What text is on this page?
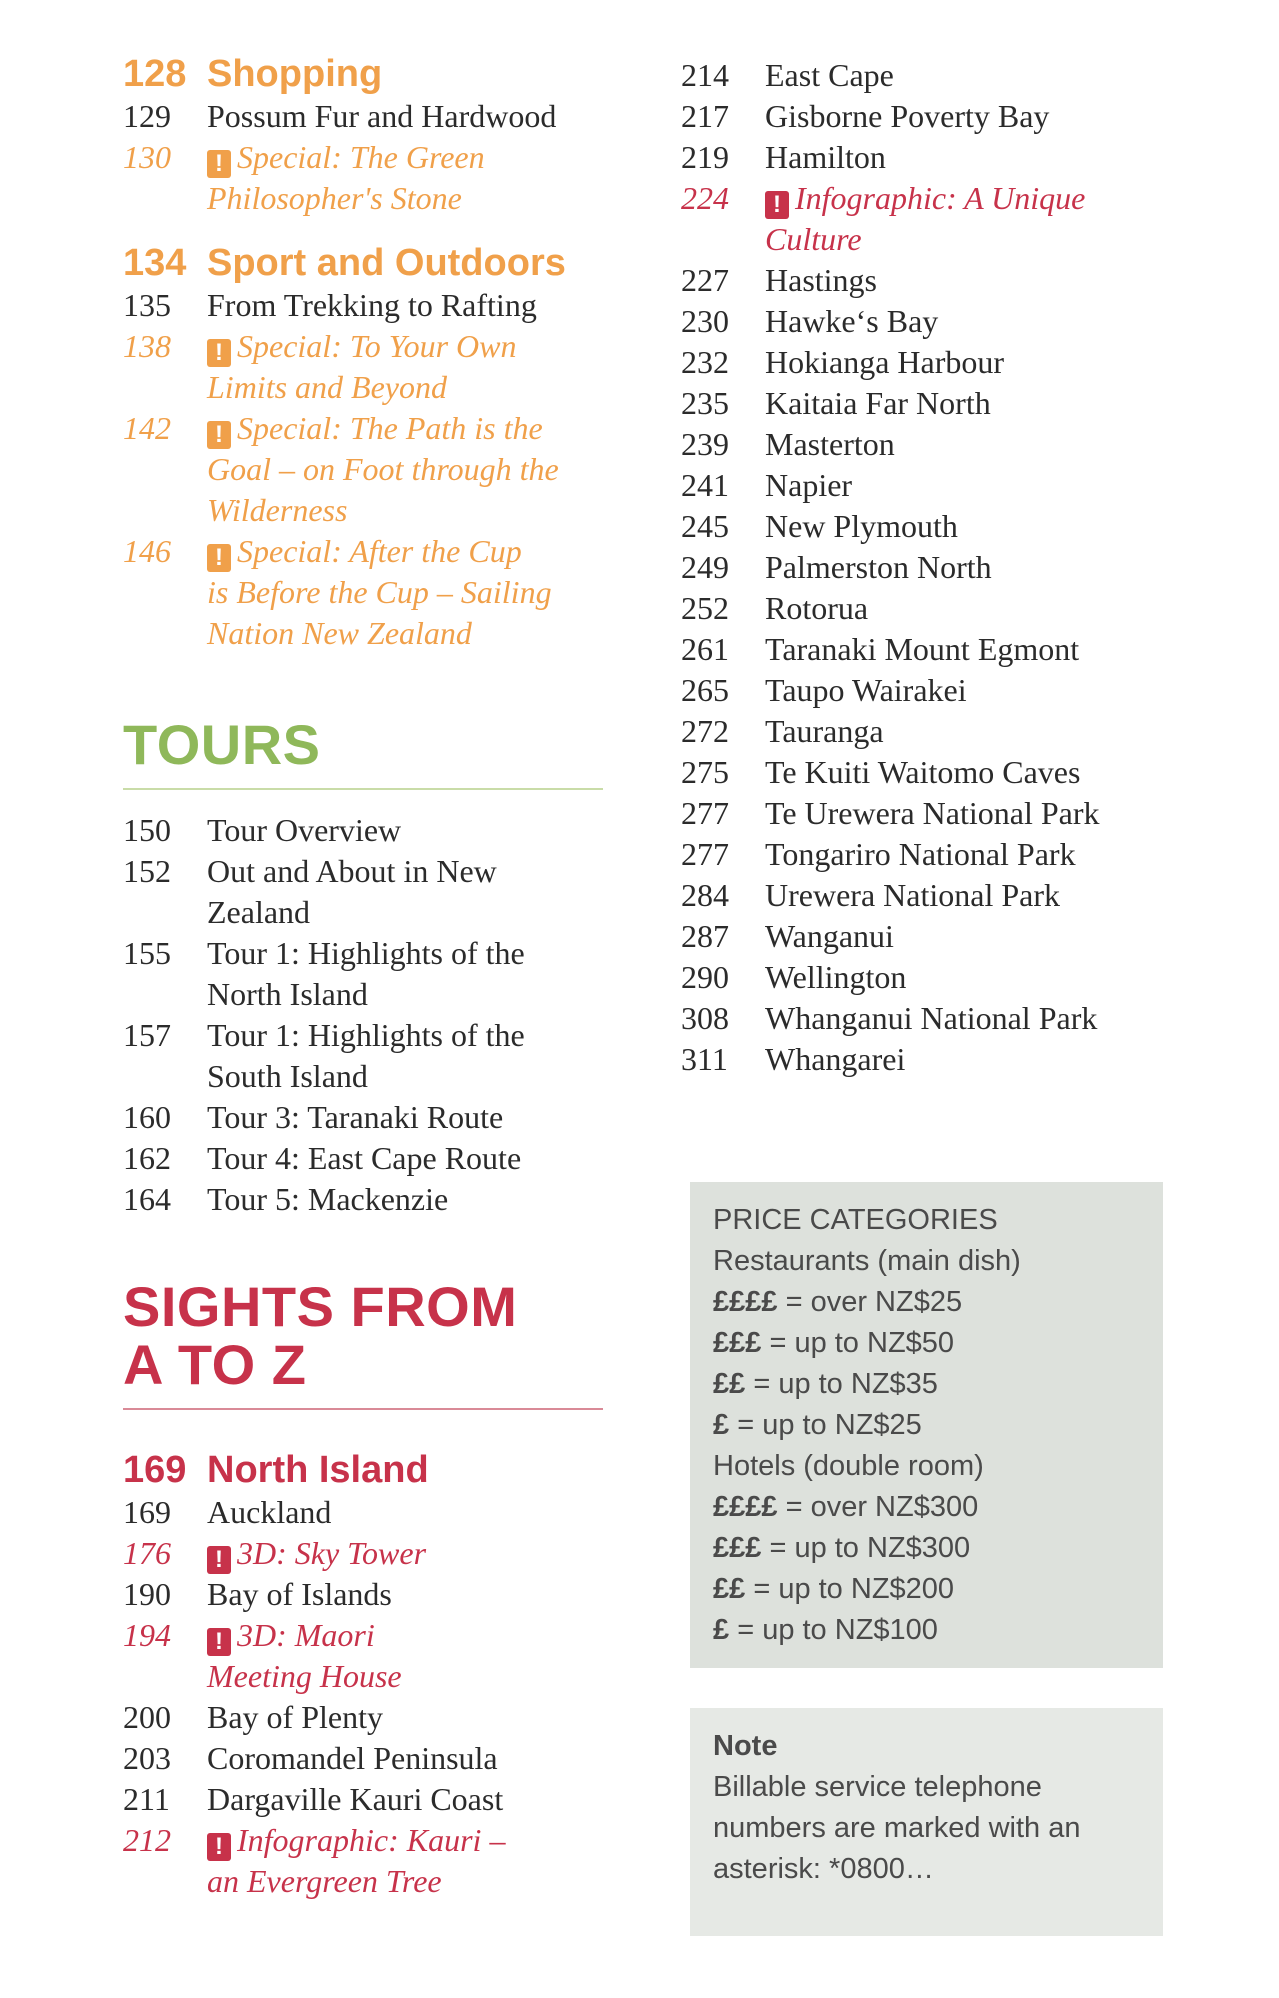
128 Shopping
129	Possum Fur and Hardwood
130	! Special: The Green
Philosopher's Stone
134 Sport and Outdoors
135	From Trekking to Rafting
138	! Special: To Your Own
Limits and Beyond
142	! Special: The Path is the
Goal – on Foot through the
Wilderness
146	! Special: After the Cup
is Before the Cup – Sailing
Nation New Zealand
TOURS
150	Tour Overview
152	Out and About in New
Zealand
155	Tour 1: Highlights of the
North Island
157	Tour 1: Highlights of the
South Island
160	Tour 3: Taranaki Route
162	Tour 4: East Cape Route
164	Tour 5: Mackenzie
SIGHTS FROM
A TO Z
169 North Island
169	Auckland
176	! 3D: Sky Tower
190	Bay of Islands
194	! 3D: Maori
Meeting House
200	Bay of Plenty
203	Coromandel Peninsula
211	Dargaville Kauri Coast
212	! Infographic: Kauri –
an Evergreen Tree
214	East Cape
217	Gisborne Poverty Bay
219	Hamilton
224	! Infographic: A Unique
Culture
227	Hastings
230	Hawke‘s Bay
232	Hokianga Harbour
235	Kaitaia Far North
239	Masterton
241	Napier
245	New Plymouth
249	Palmerston North
252	Rotorua
261	Taranaki Mount Egmont
265	Taupo Wairakei
272	Tauranga
275	Te Kuiti Waitomo Caves
277	Te Urewera National Park
277	Tongariro National Park
284	Urewera National Park
287	Wanganui
290	Wellington
308	Whanganui National Park
311	Whangarei
PRICE CATEGORIES
Restaurants (main dish)
££££ = over NZ$25
£££ = up to NZ$50
££ = up to NZ$35
£ = up to NZ$25
Hotels (double room)
££££ = over NZ$300
£££ = up to NZ$300
££ = up to NZ$200
£ = up to NZ$100
Note
Billable service telephone
numbers are marked with an
asterisk: *0800…
